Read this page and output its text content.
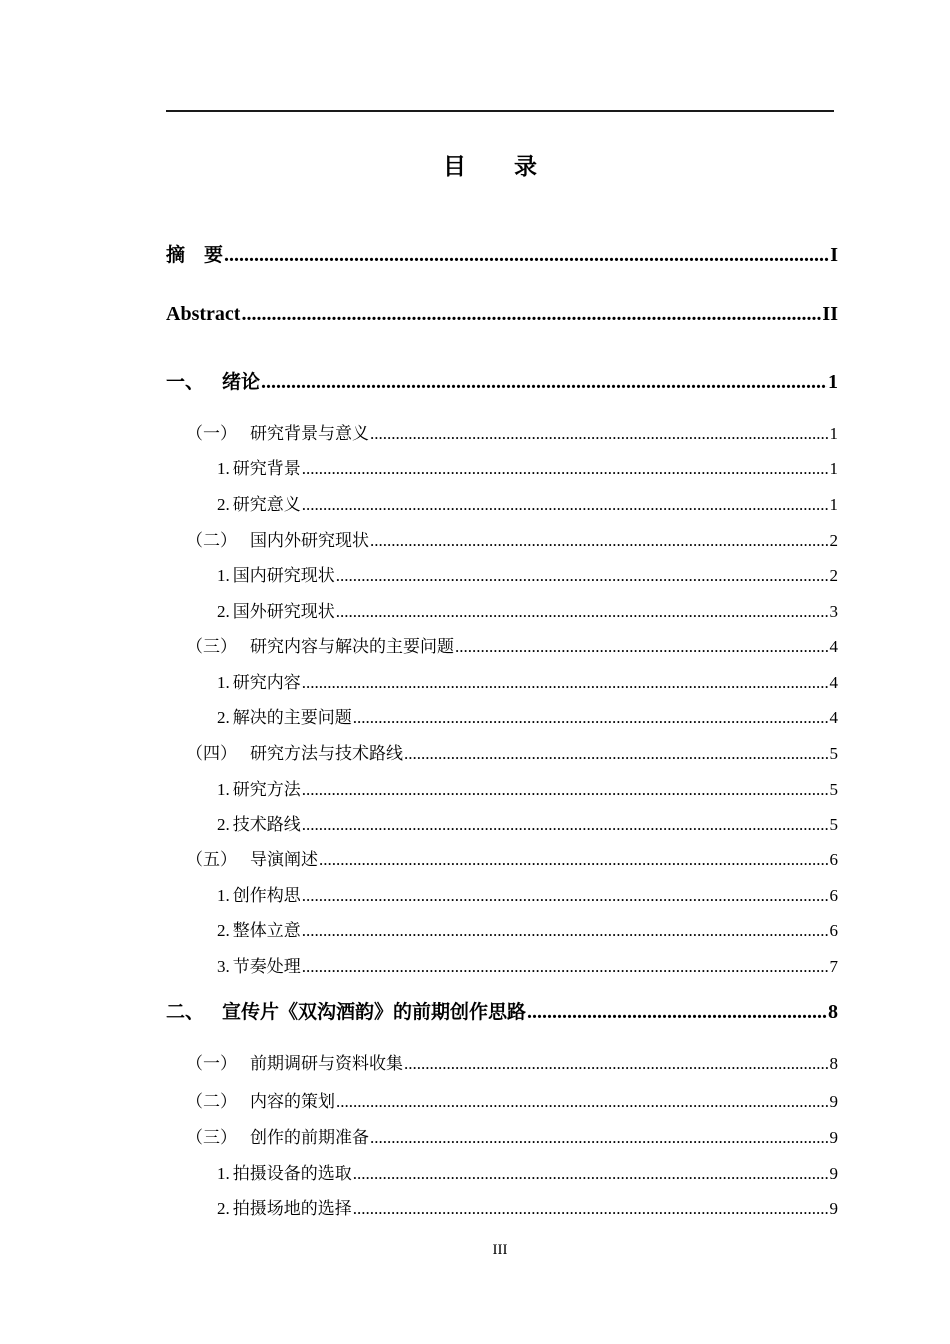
目 录
摘　要 .....	I
Abstract .....	II
一、 绪论 .....	1
（一） 研究背景与意义 .....	1
1. 研究背景 .....	1
2. 研究意义 .....	1
（二） 国内外研究现状 .....	2
1. 国内研究现状 .....	2
2. 国外研究现状 .....	3
（三） 研究内容与解决的主要问题 .....	4
1. 研究内容 .....	4
2. 解决的主要问题 .....	4
（四） 研究方法与技术路线 .....	5
1. 研究方法 .....	5
2. 技术路线 .....	5
（五） 导演阐述 .....	6
1. 创作构思 .....	6
2. 整体立意 .....	6
3. 节奏处理 .....	7
二、 宣传片《双沟酒韵》的前期创作思路 .....	8
（一） 前期调研与资料收集 .....	8
（二） 内容的策划 .....	9
（三） 创作的前期准备 .....	9
1. 拍摄设备的选取 .....	9
2. 拍摄场地的选择 .....	9
III
